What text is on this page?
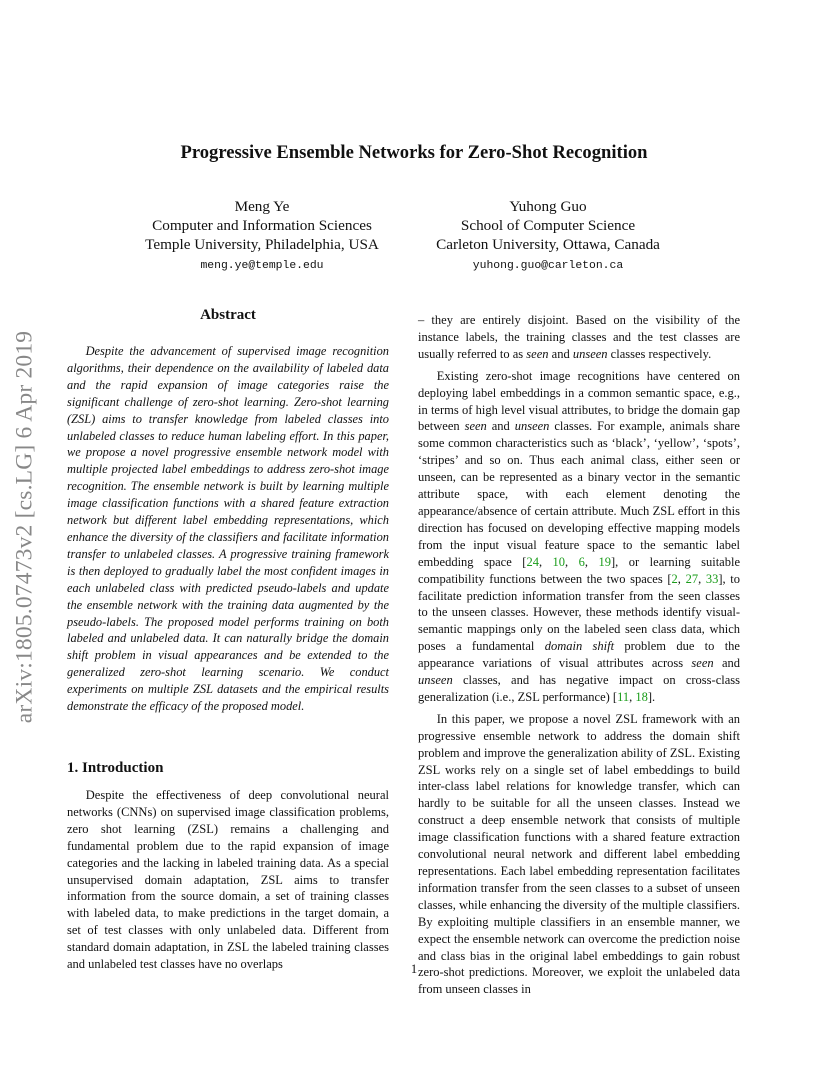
Progressive Ensemble Networks for Zero-Shot Recognition
Meng Ye
Computer and Information Sciences
Temple University, Philadelphia, USA
meng.ye@temple.edu
Yuhong Guo
School of Computer Science
Carleton University, Ottawa, Canada
yuhong.guo@carleton.ca
arXiv:1805.07473v2 [cs.LG] 6 Apr 2019
Abstract
Despite the advancement of supervised image recognition algorithms, their dependence on the availability of labeled data and the rapid expansion of image categories raise the significant challenge of zero-shot learning. Zero-shot learning (ZSL) aims to transfer knowledge from labeled classes into unlabeled classes to reduce human labeling effort. In this paper, we propose a novel progressive ensemble network model with multiple projected label embeddings to address zero-shot image recognition. The ensemble network is built by learning multiple image classification functions with a shared feature extraction network but different label embedding representations, which enhance the diversity of the classifiers and facilitate information transfer to unlabeled classes. A progressive training framework is then deployed to gradually label the most confident images in each unlabeled class with predicted pseudo-labels and update the ensemble network with the training data augmented by the pseudo-labels. The proposed model performs training on both labeled and unlabeled data. It can naturally bridge the domain shift problem in visual appearances and be extended to the generalized zero-shot learning scenario. We conduct experiments on multiple ZSL datasets and the empirical results demonstrate the efficacy of the proposed model.
1. Introduction

Despite the effectiveness of deep convolutional neural networks (CNNs) on supervised image classification problems, zero shot learning (ZSL) remains a challenging and fundamental problem due to the rapid expansion of image categories and the lacking in labeled training data. As a special unsupervised domain adaptation, ZSL aims to transfer information from the source domain, a set of training classes with labeled data, to make predictions in the target domain, a set of test classes with only unlabeled data. Different from standard domain adaptation, in ZSL the labeled training classes and unlabeled test classes have no overlaps

– they are entirely disjoint. Based on the visibility of the instance labels, the training classes and the test classes are usually referred to as seen and unseen classes respectively.

Existing zero-shot image recognitions have centered on deploying label embeddings in a common semantic space, e.g., in terms of high level visual attributes, to bridge the domain gap between seen and unseen classes. For example, animals share some common characteristics such as ‘black’, ‘yellow’, ‘spots’, ‘stripes’ and so on. Thus each animal class, either seen or unseen, can be represented as a binary vector in the semantic attribute space, with each element denoting the appearance/absence of certain attribute. Much ZSL effort in this direction has focused on developing effective mapping models from the input visual feature space to the semantic label embedding space [24, 10, 6, 19], or learning suitable compatibility functions between the two spaces [2, 27, 33], to facilitate prediction information transfer from the seen classes to the unseen classes. However, these methods identify visual-semantic mappings only on the labeled seen class data, which poses a fundamental domain shift problem due to the appearance variations of visual attributes across seen and unseen classes, and has negative impact on cross-class generalization (i.e., ZSL performance) [11, 18].

In this paper, we propose a novel ZSL framework with an progressive ensemble network to address the domain shift problem and improve the generalization ability of ZSL. Existing ZSL works rely on a single set of label embeddings to build inter-class label relations for knowledge transfer, which can hardly to be suitable for all the unseen classes. Instead we construct a deep ensemble network that consists of multiple image classification functions with a shared feature extraction convolutional neural network and different label embedding representations. Each label embedding representation facilitates information transfer from the seen classes to a subset of unseen classes, while enhancing the diversity of the multiple classifiers. By exploiting multiple classifiers in an ensemble manner, we expect the ensemble network can overcome the prediction noise and class bias in the original label embeddings to gain robust zero-shot predictions. Moreover, we exploit the unlabeled data from unseen classes in

1
